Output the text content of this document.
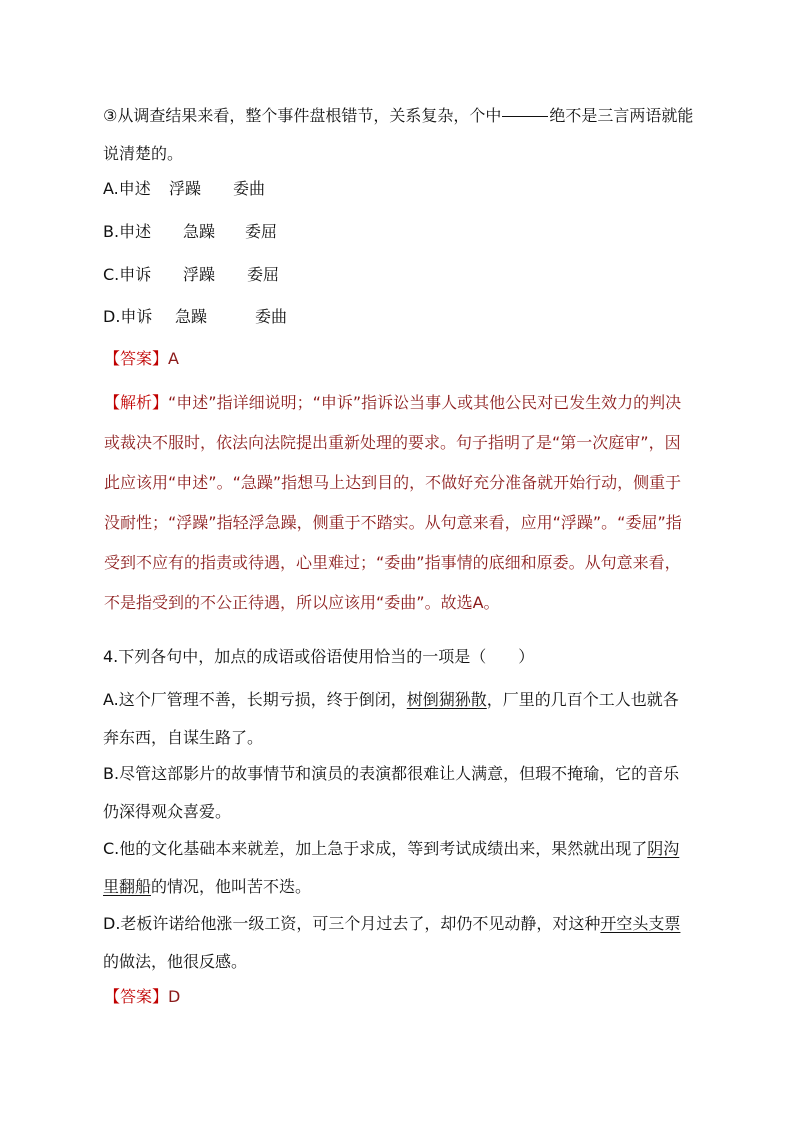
③从调查结果来看，整个事件盘根错节，关系复杂，个中	绝不是三言两语就能说清楚的。
A.申述 浮躁 委曲
B.申述 急躁 委屈
C.申诉 浮躁 委屈
D.申诉 急躁	委曲
【答案】A
【解析】“申述”指详细说明；“申诉”指诉讼当事人或其他公民对已发生效力的判决或裁决不服时，依法向法院提出重新处理的要求。句子指明了是“第一次庭审”，因此应该用“申述”。“急躁”指想马上达到目的，不做好充分准备就开始行动，侧重于没耐性；“浮躁”指轻浮急躁，侧重于不踏实。从句意来看，应用“浮躁”。“委屈”指受到不应有的指责或待遇，心里难过；“委曲”指事情的底细和原委。从句意来看，不是指受到的不公正待遇，所以应该用“委曲”。故选A。
4.下列各句中，加点的成语或俗语使用恰当的一项是（　　）
A.这个厂管理不善，长期亏损，终于倒闭，树倒猢狲散，厂里的几百个工人也就各奔东西，自谋生路了。
B.尽管这部影片的故事情节和演员的表演都很难让人满意，但瑕不掩瑜，它的音乐仍深得观众喜爱。
C.他的文化基础本来就差，加上急于求成，等到考试成绩出来，果然就出现了阴沟里翻船的情况，他叫苦不迭。
D.老板许诺给他涨一级工资，可三个月过去了，却仍不见动静，对这种开空头支票的做法，他很反感。
【答案】D
